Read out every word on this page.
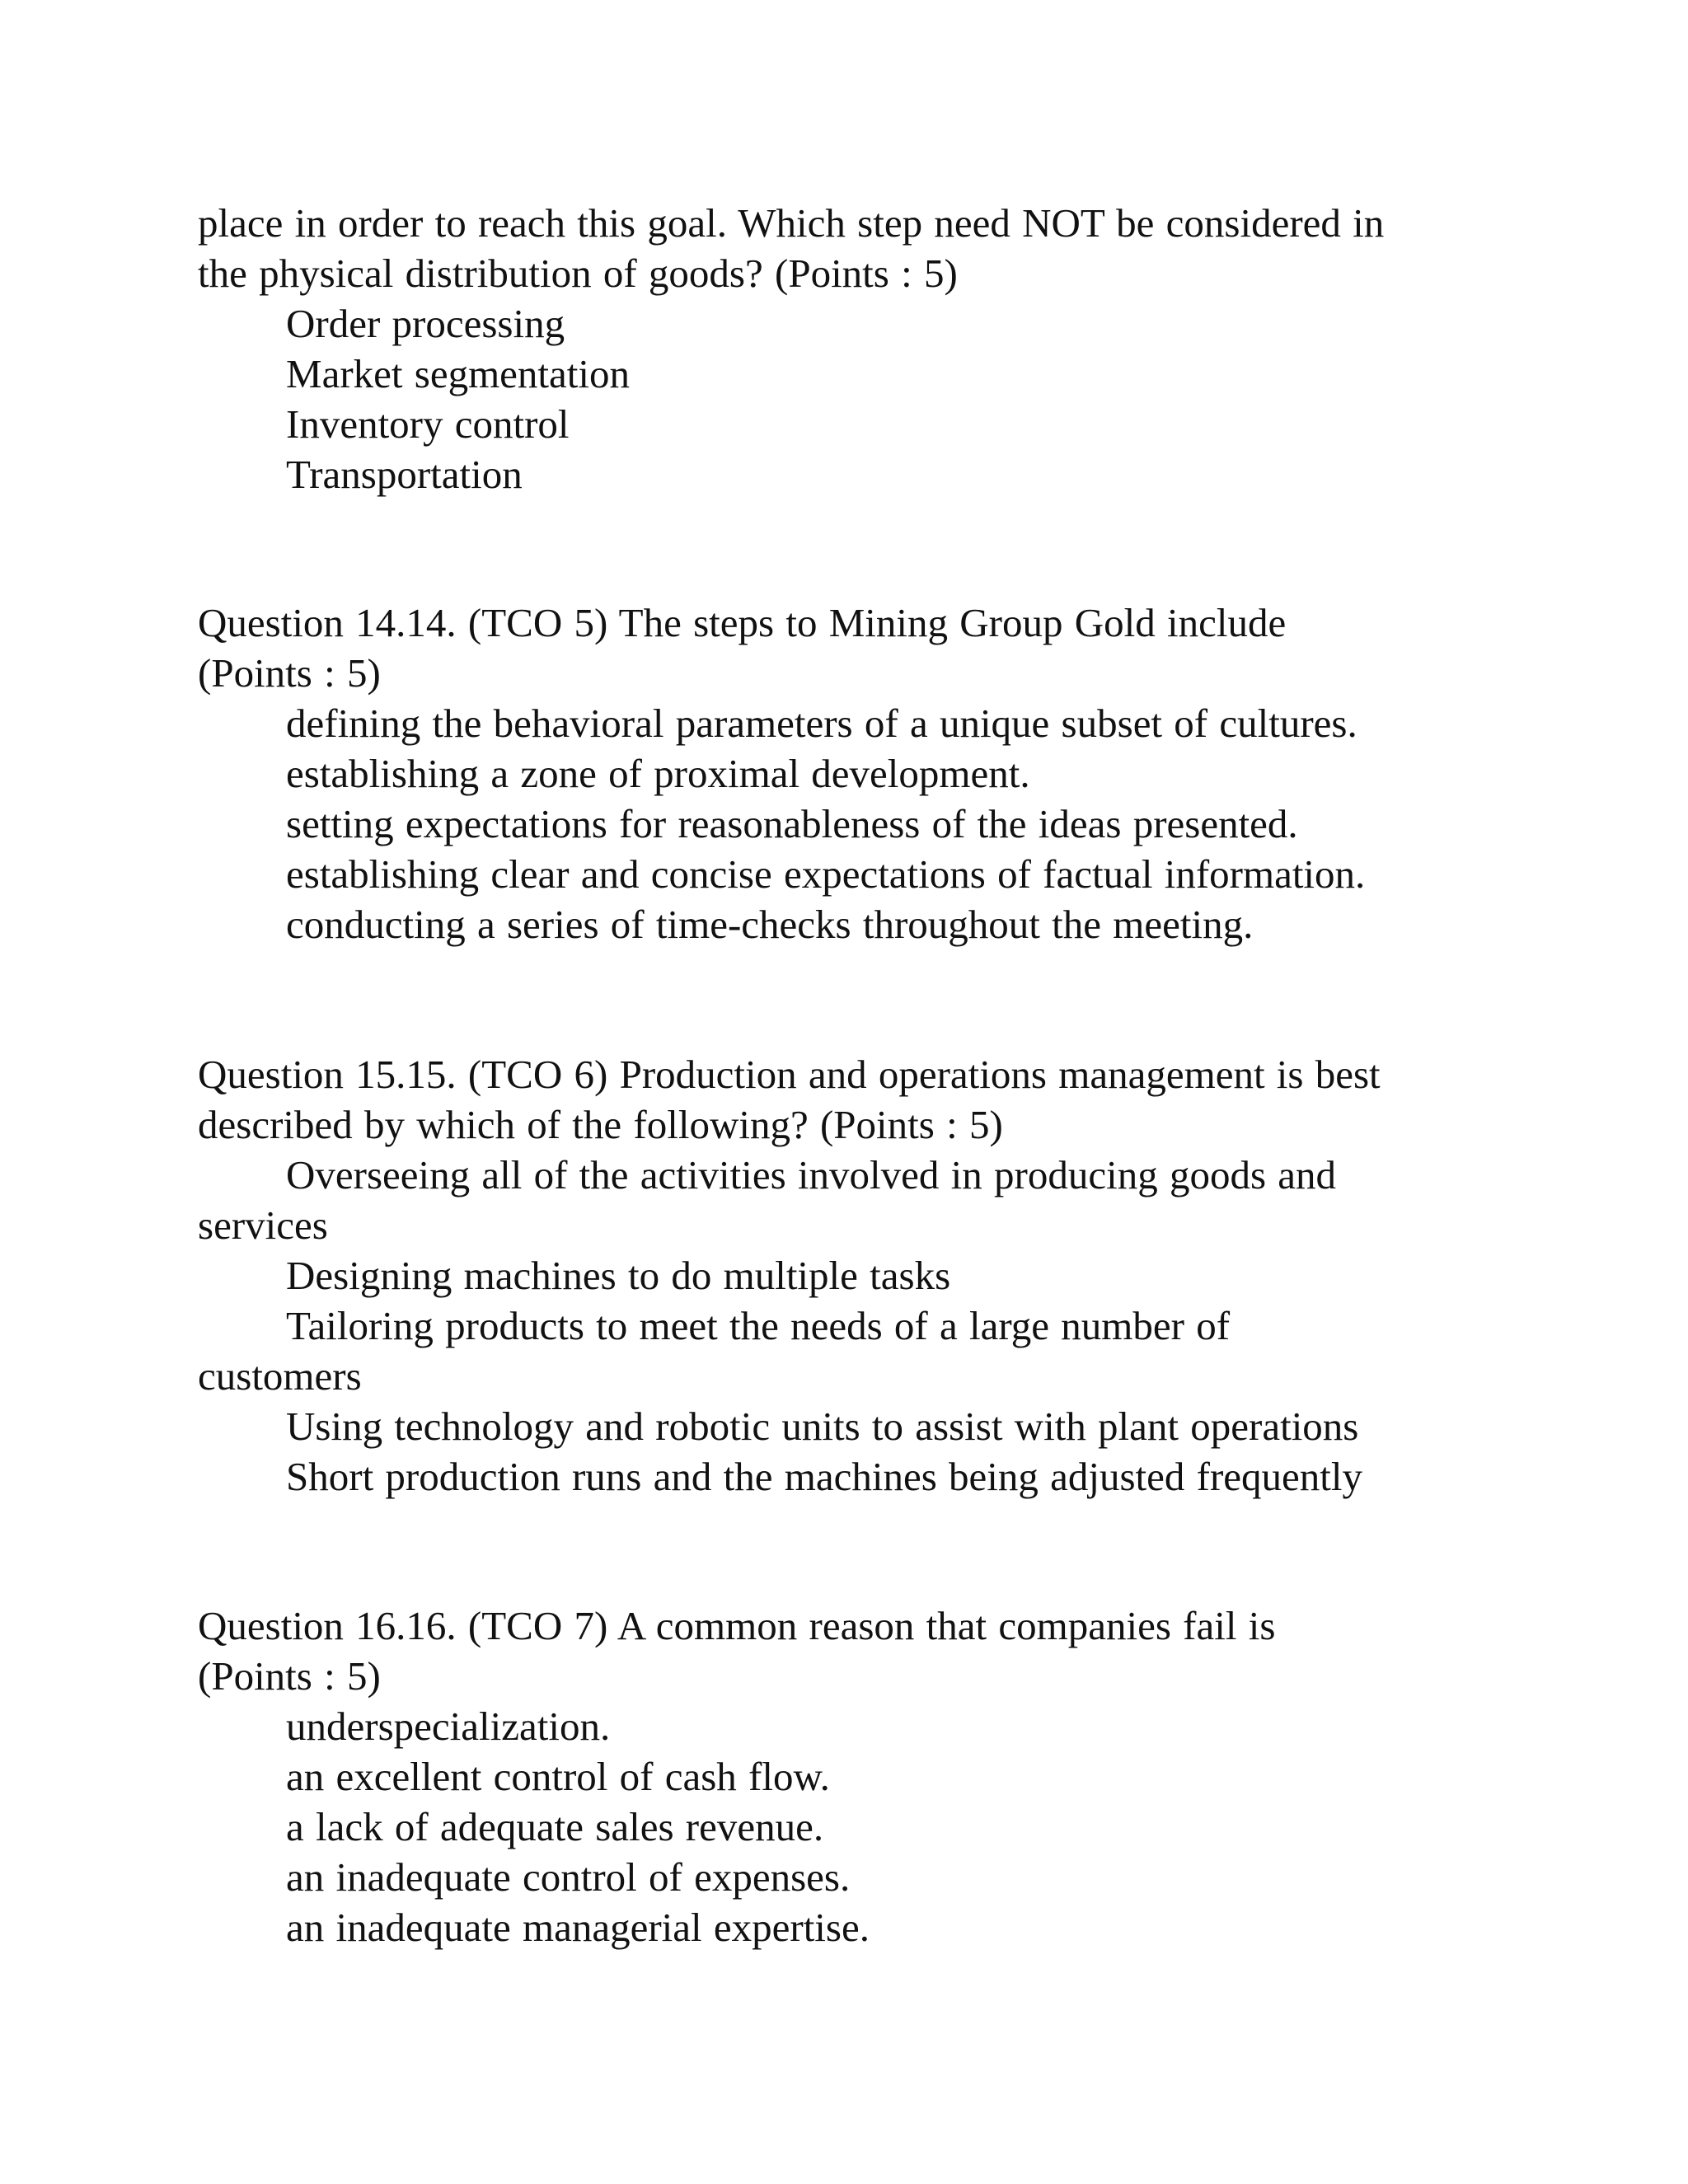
place in order to reach this goal. Which step need NOT be considered in
the physical distribution of goods? (Points : 5)
Order processing
Market segmentation
Inventory control
Transportation
Question 14.14. (TCO 5) The steps to Mining Group Gold include
(Points : 5)
defining the behavioral parameters of a unique subset of cultures.
establishing a zone of proximal development.
setting expectations for reasonableness of the ideas presented.
establishing clear and concise expectations of factual information.
conducting a series of time-checks throughout the meeting.
Question 15.15. (TCO 6) Production and operations management is best
described by which of the following? (Points : 5)
Overseeing all of the activities involved in producing goods and
services
Designing machines to do multiple tasks
Tailoring products to meet the needs of a large number of
customers
Using technology and robotic units to assist with plant operations
Short production runs and the machines being adjusted frequently
Question 16.16. (TCO 7) A common reason that companies fail is
(Points : 5)
underspecialization.
an excellent control of cash flow.
a lack of adequate sales revenue.
an inadequate control of expenses.
an inadequate managerial expertise.
